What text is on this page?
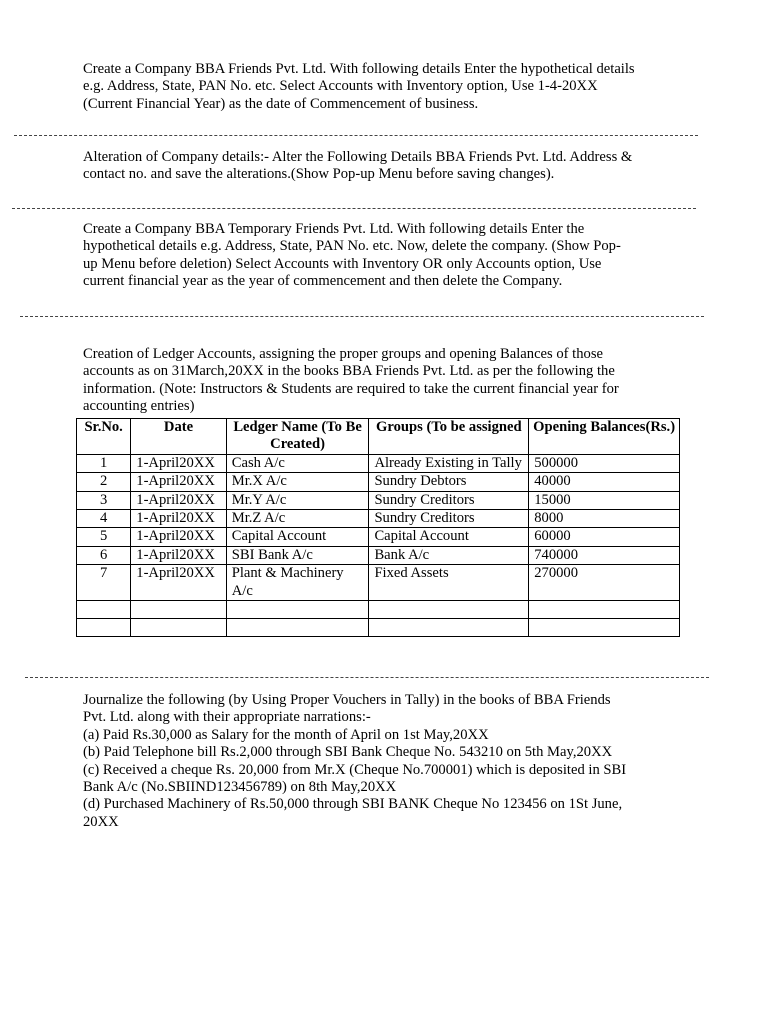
Create a Company BBA Friends Pvt. Ltd. With following details Enter the hypothetical details
e.g. Address, State, PAN No. etc. Select Accounts with Inventory option, Use 1-4-20XX
(Current Financial Year) as the date of Commencement of business.
Alteration of Company details:- Alter the Following Details BBA Friends Pvt. Ltd. Address &
contact no. and save the alterations.(Show Pop-up Menu before saving changes).
Create a Company BBA Temporary Friends Pvt. Ltd. With following details Enter the
hypothetical details e.g. Address, State, PAN No. etc. Now, delete the company. (Show Pop-
up Menu before deletion) Select Accounts with Inventory OR only Accounts option, Use
current financial year as the year of commencement and then delete the Company.
Creation of Ledger Accounts, assigning the proper groups and opening Balances of those
accounts as on 31March,20XX in the books BBA Friends Pvt. Ltd. as per the following the
information. (Note: Instructors & Students are required to take the current financial year for
accounting entries)
Sr.No.	Date	Ledger Name (To Be Created)	Groups (To be assigned	Opening Balances(Rs.)
1	1-April20XX	Cash A/c	Already Existing in Tally	500000
2	1-April20XX	Mr.X A/c	Sundry Debtors	40000
3	1-April20XX	Mr.Y A/c	Sundry Creditors	15000
4	1-April20XX	Mr.Z A/c	Sundry Creditors	8000
5	1-April20XX	Capital Account	Capital Account	60000
6	1-April20XX	SBI Bank A/c	Bank A/c	740000
7	1-April20XX	Plant & Machinery A/c	Fixed Assets	270000

Journalize the following (by Using Proper Vouchers in Tally) in the books of BBA Friends
Pvt. Ltd. along with their appropriate narrations:-
(a) Paid Rs.30,000 as Salary for the month of April on 1st May,20XX
(b) Paid Telephone bill Rs.2,000 through SBI Bank Cheque No. 543210 on 5th May,20XX
(c) Received a cheque Rs. 20,000 from Mr.X (Cheque No.700001) which is deposited in SBI
Bank A/c (No.SBIIND123456789) on 8th May,20XX
(d) Purchased Machinery of Rs.50,000 through SBI BANK Cheque No 123456 on 1St June,
20XX
